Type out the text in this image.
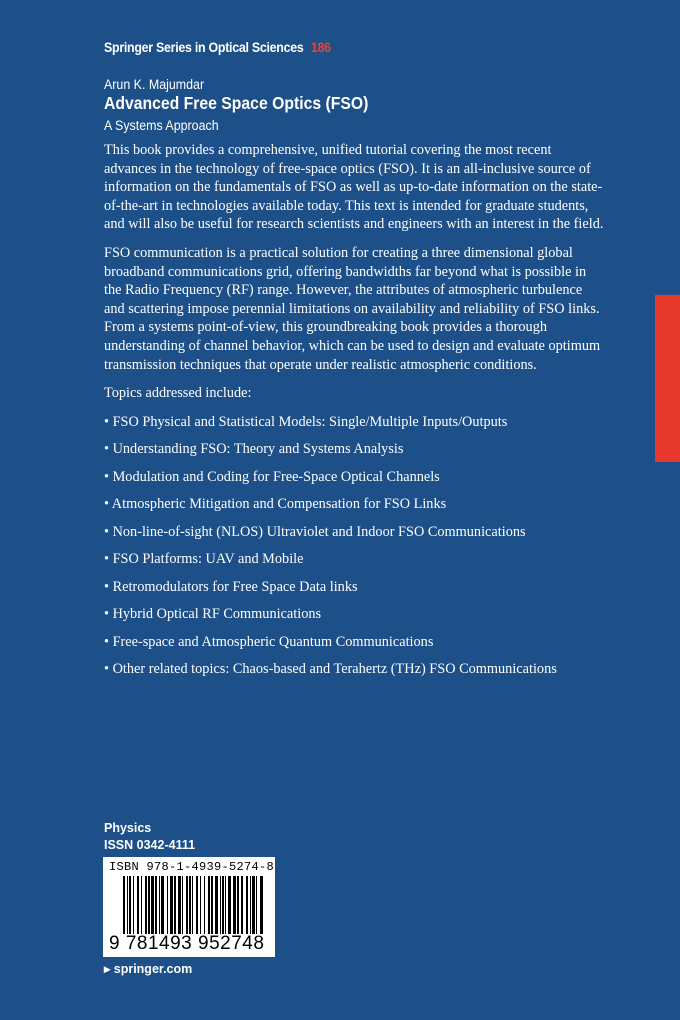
Springer Series in Optical Sciences 186
Arun K. Majumdar
Advanced Free Space Optics (FSO)
A Systems Approach

This book provides a comprehensive, unified tutorial covering the most recent advances in the technology of free-space optics (FSO). It is an all-inclusive source of information on the fundamentals of FSO as well as up-to-date information on the state-of-the-art in technologies available today. This text is intended for graduate students, and will also be useful for research scientists and engineers with an interest in the field.

FSO communication is a practical solution for creating a three dimensional global broadband communications grid, offering bandwidths far beyond what is possible in the Radio Frequency (RF) range. However, the attributes of atmospheric turbulence and scattering impose perennial limitations on availability and reliability of FSO links. From a systems point-of-view, this groundbreaking book provides a thorough understanding of channel behavior, which can be used to design and evaluate optimum transmission techniques that operate under realistic atmospheric conditions.

Topics addressed include:

• FSO Physical and Statistical Models: Single/Multiple Inputs/Outputs
• Understanding FSO: Theory and Systems Analysis
• Modulation and Coding for Free-Space Optical Channels
• Atmospheric Mitigation and Compensation for FSO Links
• Non-line-of-sight (NLOS) Ultraviolet and Indoor FSO Communications
• FSO Platforms: UAV and Mobile
• Retromodulators for Free Space Data links
• Hybrid Optical RF Communications
• Free-space and Atmospheric Quantum Communications
• Other related topics: Chaos-based and Terahertz (THz) FSO Communications
Physics
ISSN 0342-4111
ISBN 978-1-4939-5274-8
9 781493 952748
▸ springer.com
